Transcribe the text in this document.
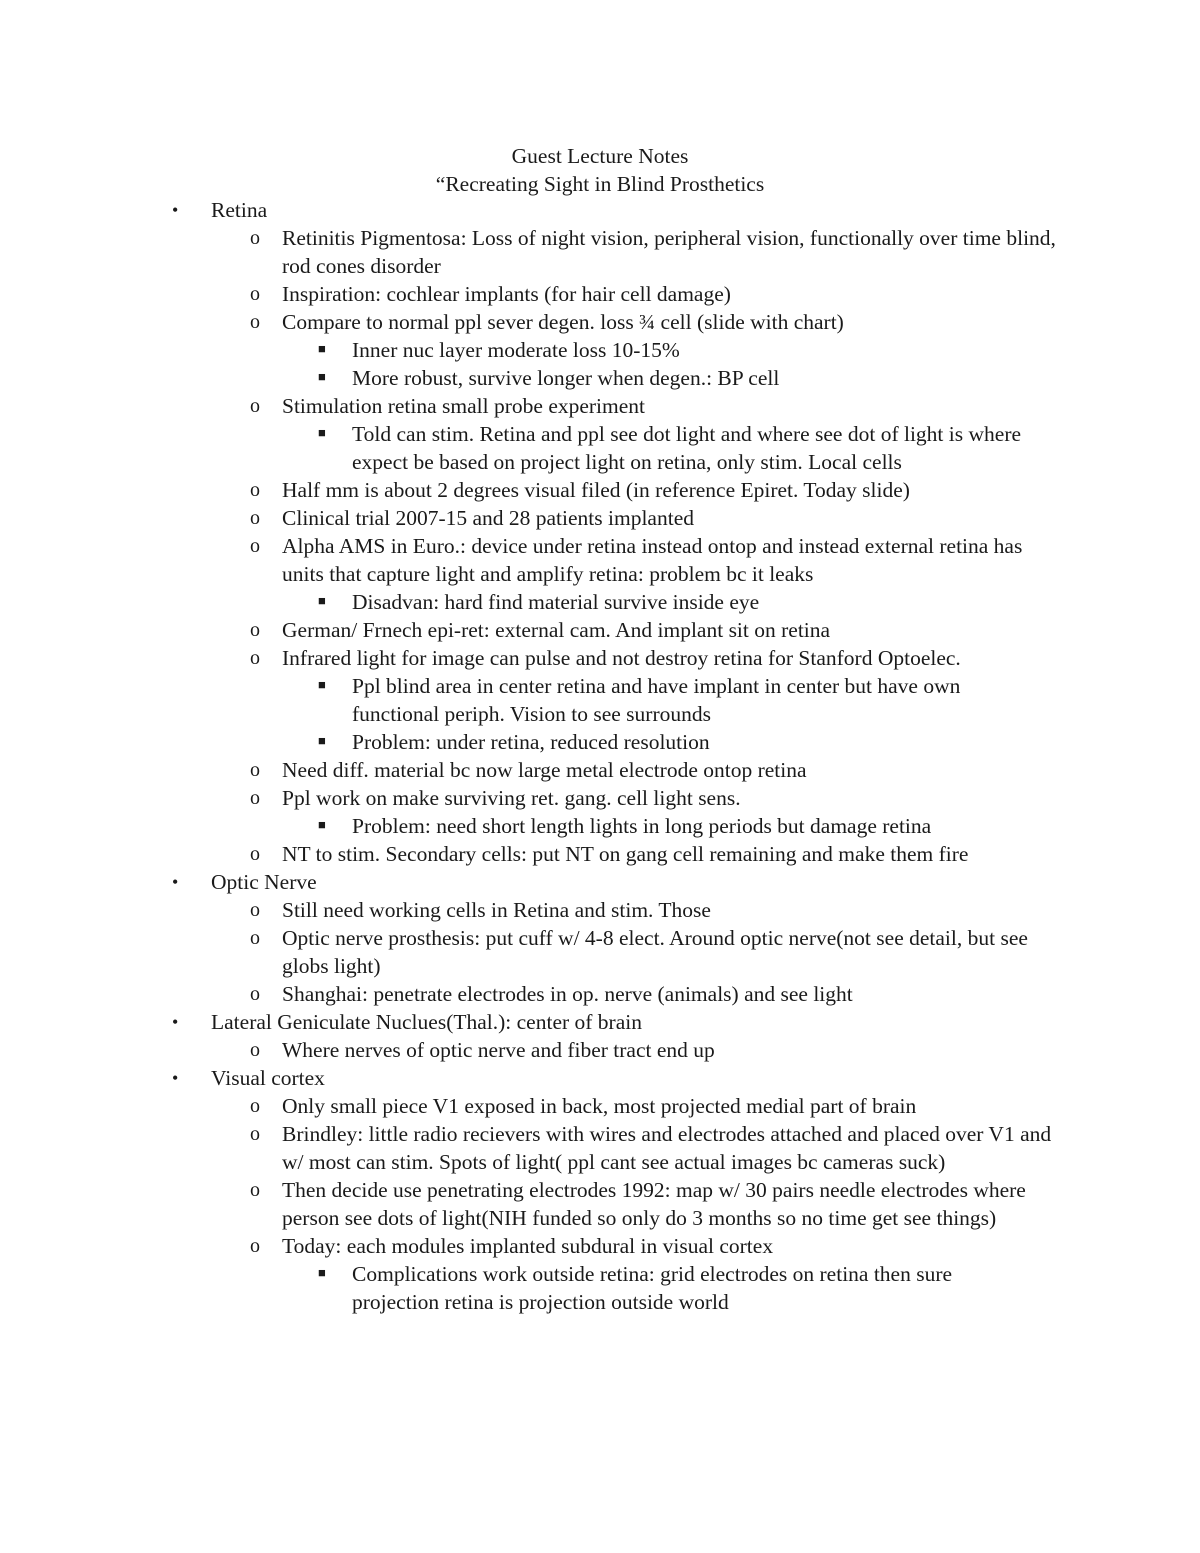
Guest Lecture Notes
“Recreating Sight in Blind Prosthetics
• Retina
o Retinitis Pigmentosa: Loss of night vision, peripheral vision, functionally over time blind, rod cones disorder
o Inspiration: cochlear implants (for hair cell damage)
o Compare to normal ppl sever degen. loss ¾ cell (slide with chart)
■ Inner nuc layer moderate loss 10-15%
■ More robust, survive longer when degen.: BP cell
o Stimulation retina small probe experiment
■ Told can stim. Retina and ppl see dot light and where see dot of light is where expect be based on project light on retina, only stim. Local cells
o Half mm is about 2 degrees visual filed (in reference Epiret. Today slide)
o Clinical trial 2007-15 and 28 patients implanted
o Alpha AMS in Euro.: device under retina instead ontop and instead external retina has units that capture light and amplify retina: problem bc it leaks
■ Disadvan: hard find material survive inside eye
o German/ Frnech epi-ret: external cam. And implant sit on retina
o Infrared light for image can pulse and not destroy retina for Stanford Optoelec.
■ Ppl blind area in center retina and have implant in center but have own functional periph. Vision to see surrounds
■ Problem: under retina, reduced resolution
o Need diff. material bc now large metal electrode ontop retina
o Ppl work on make surviving ret. gang. cell light sens.
■ Problem: need short length lights in long periods but damage retina
o NT to stim. Secondary cells: put NT on gang cell remaining and make them fire
• Optic Nerve
o Still need working cells in Retina and stim. Those
o Optic nerve prosthesis: put cuff w/ 4-8 elect. Around optic nerve(not see detail, but see globs light)
o Shanghai: penetrate electrodes in op. nerve (animals) and see light
• Lateral Geniculate Nuclues(Thal.): center of brain
o Where nerves of optic nerve and fiber tract end up
• Visual cortex
o Only small piece V1 exposed in back, most projected medial part of brain
o Brindley: little radio recievers with wires and electrodes attached and placed over V1 and w/ most can stim. Spots of light( ppl cant see actual images bc cameras suck)
o Then decide use penetrating electrodes 1992: map w/ 30 pairs needle electrodes where person see dots of light(NIH funded so only do 3 months so no time get see things)
o Today: each modules implanted subdural in visual cortex
■ Complications work outside retina: grid electrodes on retina then sure projection retina is projection outside world
